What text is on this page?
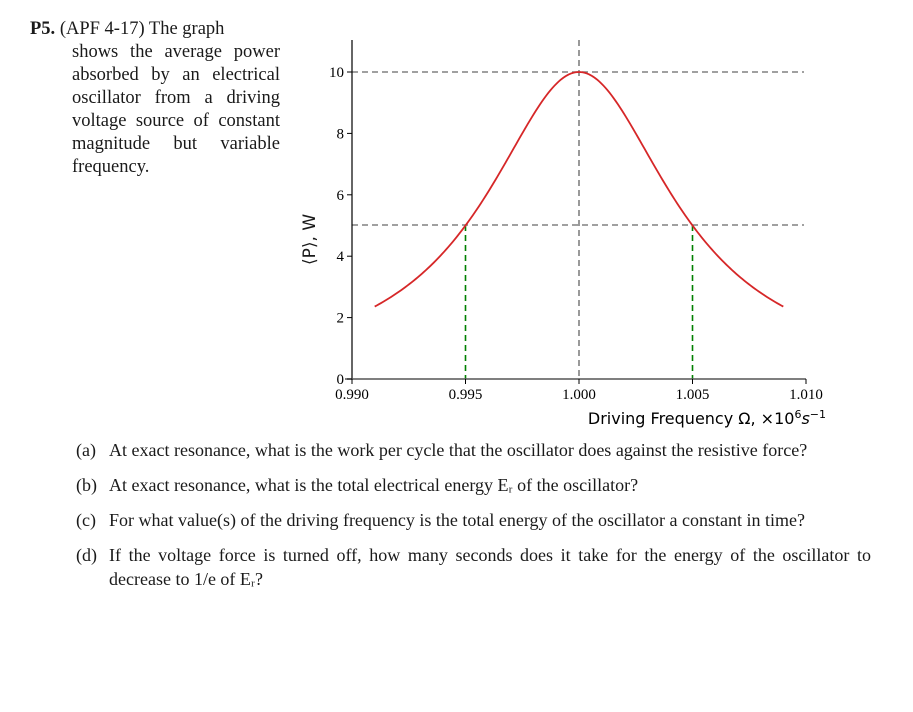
P5. (APF 4-17) The graph
shows the average power absorbed by an electrical oscillator from a driving voltage source of constant magnitude but variable frequency.
0
2
4
6
8
10
0.990	0.995	1.000	1.005	1.010
Driving Frequency Ω, $\times 10^6s^{-1}$
⟨P⟩, W
(a) At exact resonance, what is the work per cycle that the oscillator does against the resistive force?
(b) At exact resonance, what is the total electrical energy Eᵣ of the oscillator?
(c) For what value(s) of the driving frequency is the total energy of the oscillator a constant in time?
(d) If the voltage force is turned off, how many seconds does it take for the energy of the oscillator to decrease to 1/e of Eᵣ?
